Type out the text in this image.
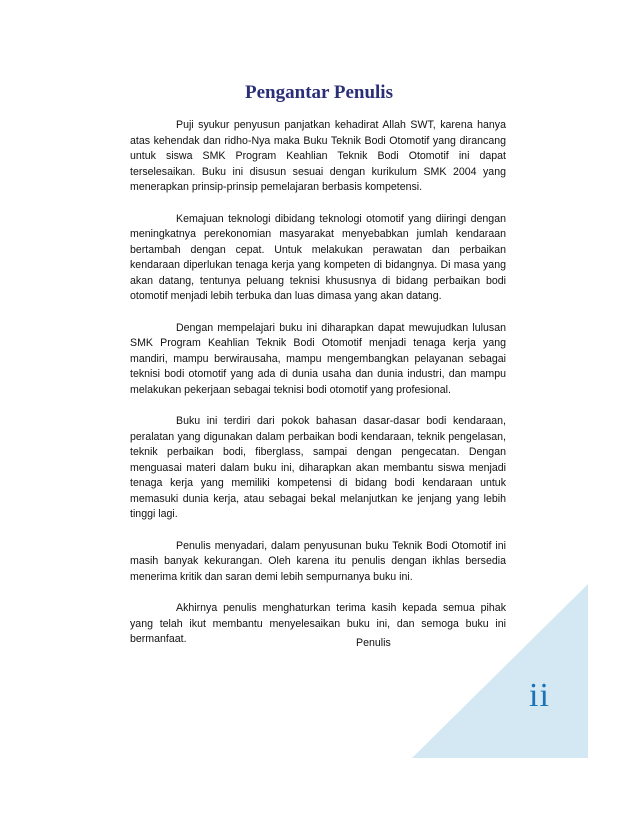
Pengantar Penulis

Puji syukur penyusun panjatkan kehadirat Allah SWT, karena hanya atas kehendak dan ridho-Nya maka Buku Teknik Bodi Otomotif yang dirancang untuk siswa SMK Program Keahlian Teknik Bodi Otomotif ini dapat terselesaikan. Buku ini disusun sesuai dengan kurikulum SMK 2004 yang menerapkan prinsip-prinsip pemelajaran berbasis kompetensi.

Kemajuan teknologi dibidang teknologi otomotif yang diiringi dengan meningkatnya perekonomian masyarakat menyebabkan jumlah kendaraan bertambah dengan cepat. Untuk melakukan perawatan dan perbaikan kendaraan diperlukan tenaga kerja yang kompeten di bidangnya. Di masa yang akan datang, tentunya peluang teknisi khususnya di bidang perbaikan bodi otomotif menjadi lebih terbuka dan luas dimasa yang akan datang.

Dengan mempelajari buku ini diharapkan dapat mewujudkan lulusan SMK Program Keahlian Teknik Bodi Otomotif menjadi tenaga kerja yang mandiri, mampu berwirausaha, mampu mengembangkan pelayanan sebagai teknisi bodi otomotif yang ada di dunia usaha dan dunia industri, dan mampu melakukan pekerjaan sebagai teknisi bodi otomotif yang profesional.

Buku ini terdiri dari pokok bahasan dasar-dasar bodi kendaraan, peralatan yang digunakan dalam perbaikan bodi kendaraan, teknik pengelasan, teknik perbaikan bodi, fiberglass, sampai dengan pengecatan. Dengan menguasai materi dalam buku ini, diharapkan akan membantu siswa menjadi tenaga kerja yang memiliki kompetensi di bidang bodi kendaraan untuk memasuki dunia kerja, atau sebagai bekal melanjutkan ke jenjang yang lebih tinggi lagi.

Penulis menyadari, dalam penyusunan buku Teknik Bodi Otomotif ini masih banyak kekurangan. Oleh karena itu penulis dengan ikhlas bersedia menerima kritik dan saran demi lebih sempurnanya buku ini.

Akhirnya penulis menghaturkan terima kasih kepada semua pihak yang telah ikut membantu menyelesaikan buku ini, dan semoga buku ini bermanfaat.	Penulis
ii
